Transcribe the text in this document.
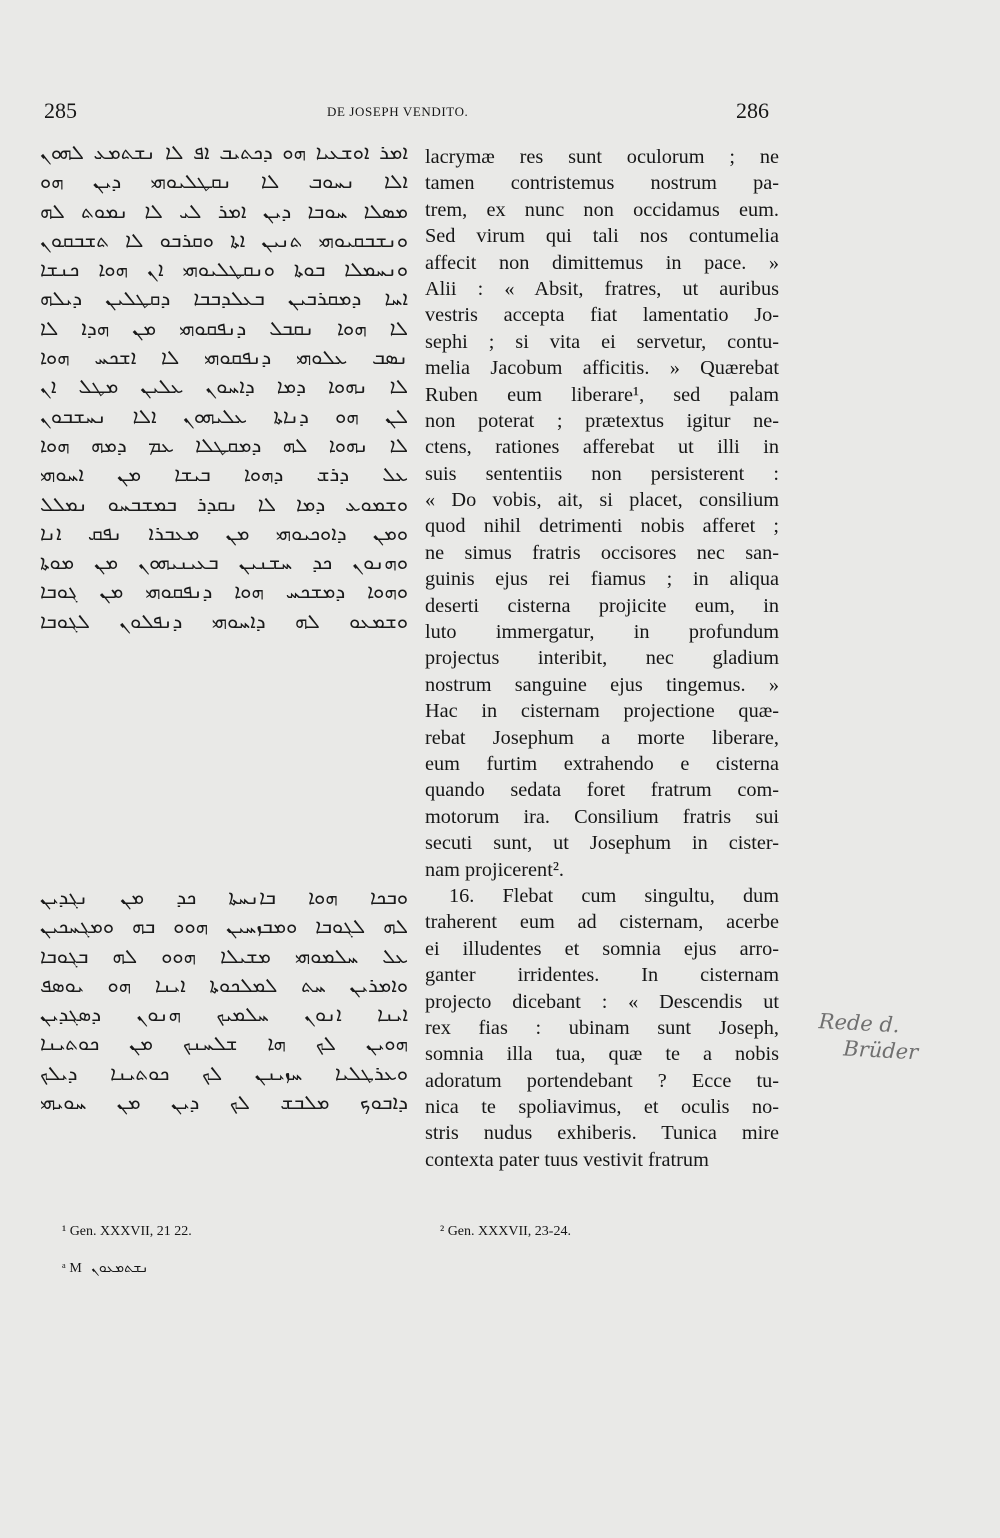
285	DE JOSEPH VENDITO.	286
ܐܡܪ ܐܘܫܥܝܐ ܗܘ ܕܟܬܝܒ ܐܦ ܠܐ ܢܫܬܡܥ ܠܗܘܢ
ܐܠܐ ܢܚܘܒ ܠܐ ܢܩܛܠܝܘܗܝ ܕܝܢ ܗܘ
ܡܣܠܐ ܚܘܒܐ ܕܝܢ ܐܡܪ ܠܝ ܠܐ ܢܡܘܬ ܠܗ
ܘܢܫܒܩܝܘܗܝ ܬܢܝܢ ܐܬܐ ܘܩܪܒܘ ܠܐ ܬܫܒܩܘܢ
ܘܢܚܡܠܐ ܒܘܬܐ ܘܢܩܛܠܝܘܗܝ ܐܢ ܗܘܐ ܟܢܫܐ
ܐܚܐ ܕܡܩܪܒܝܢ ܒܥܠܕܒܒܐ ܕܩܛܠܝܢ ܕܝܠܗ
ܠܐ ܗܘܐ ܢܩܒܠ ܕܢܦܩܘܗܝ ܡܢ ܗܕܐ ܠܐ
ܢܣܒ ܥܠܘܗܝ ܕܢܦܩܘܗܝ ܠܐ ܐܫܟܚ ܗܘܐ
ܠܐ ܢܗܘܐ ܕܡܐ ܕܐܚܘܢ ܥܠܝܢ ܡܛܠ ܐܢ
ܠܢ ܗܘ ܕܢܐܬܐ ܥܠܝܗܘܢ ܐܠܐ ܢܚܫܒܘܢ
ܠܐ ܢܗܘܐ ܠܗ ܕܡܩܛܠܐ ܥܡ ܕܡܗ ܗܘܐ
ܥܠ ܕܪܫ ܕܗܘܐ ܒܝܫܐ ܡܢ ܐܚܘܗܝ
ܘܫܡܘܥ ܕܡܐ ܠܐ ܢܩܕܪ ܒܡܫܒܚܘ ܢܡܠܠ
ܘܡܢ ܕܐܘܟܝܘܗܝ ܡܢ ܡܥܒܪܐ ܢܦܩ ܐܢܐ
ܘܗܢܘܢ ܟܕ ܚܫܢܝܢ ܒܥܝܢܝܗܘܢ ܡܢ ܡܘܬܐ
ܘܗܘܐ ܕܡܫܟܚ ܗܘܐ ܕܢܦܩܘܗܝ ܡܢ ܓܘܒܐ
ܘܫܡܥܘ ܠܗ ܕܐܚܘܗܝ ܕܢܦܠܘܢ ܠܓܘܒܐ
ܘܒܟܐ ܗܘܐ ܒܐܢܚܬܐ ܟܕ ܡܢ ܢܓܕܝܢ
ܠܗ ܠܓܘܒܐ ܘܡܒܙܚܝܢ ܗܘܘ ܒܗ ܘܡܓܚܟܝܢ
ܥܠ ܚܠܡܘܗܝ ܡܫܝܠܐ ܗܘܘ ܠܗ ܒܓܘܒܐ
ܘܐܡܪܝܢ ܚܬ ܠܡܠܟܘܬܐ ܐܝܢܐ ܗܘ ܝܘܣܦ
ܐܝܢܐ ܐܢܘܢ ܚܠܡܝܟ ܗܢܘܢ ܕܣܓܕܝܢ
ܗܘܝܢ ܠܟ ܗܐ ܫܠܚܢܟ ܡܢ ܟܘܬܝܢܐ
ܘܥܪܛܠܝܐ ܚܙܝܢܢ ܠܟ ܟܘܬܝܢܐ ܕܝܠܟ
ܕܐܒܘܟ ܡܠܒܫ ܠܟ ܕܝܢ ܡܢ ܚܘܝܗܝ
lacrymæ res sunt oculorum ; ne
tamen contristemus nostrum pa-
trem, ex nunc non occidamus eum.
Sed virum qui tali nos contumelia
affecit non dimittemus in pace. »
Alii : « Absit, fratres, ut auribus
vestris accepta fiat lamentatio Jo-
sephi ; si vita ei servetur, contu-
melia Jacobum afficitis. » Quærebat
Ruben eum liberare¹, sed palam
non poterat ; prætextus igitur ne-
ctens, rationes afferebat ut illi in
suis sententiis non persisterent :
« Do vobis, ait, si placet, consilium
quod nihil detrimenti nobis afferet ;
ne simus fratris occisores nec san-
guinis ejus rei fiamus ; in aliqua
deserti cisterna projicite eum, in
luto immergatur, in profundum
projectus interibit, nec gladium
nostrum sanguine ejus tingemus. »
Hac in cisternam projectione quæ-
rebat Josephum a morte liberare,
eum furtim extrahendo e cisterna
quando sedata foret fratrum com-
motorum ira. Consilium fratris sui
secuti sunt, ut Josephum in cister-
nam projicerent².
16. Flebat cum singultu, dum
traherent eum ad cisternam, acerbe
ei illudentes et somnia ejus arro-
ganter irridentes. In cisternam
projecto dicebant : « Descendis ut
rex fias : ubinam sunt Joseph,
somnia illa tua, quæ te a nobis
adoratum portendebant ? Ecce tu-
nica te spoliavimus, et oculis no-
stris nudus exhiberis. Tunica mire
contexta pater tuus vestivit fratrum
¹ Gen. XXXVII, 21 22.	² Gen. XXXVII, 23-24.
ᵃ M ܢܫܬܡܥܘܢ
Rede d.
Brüder
